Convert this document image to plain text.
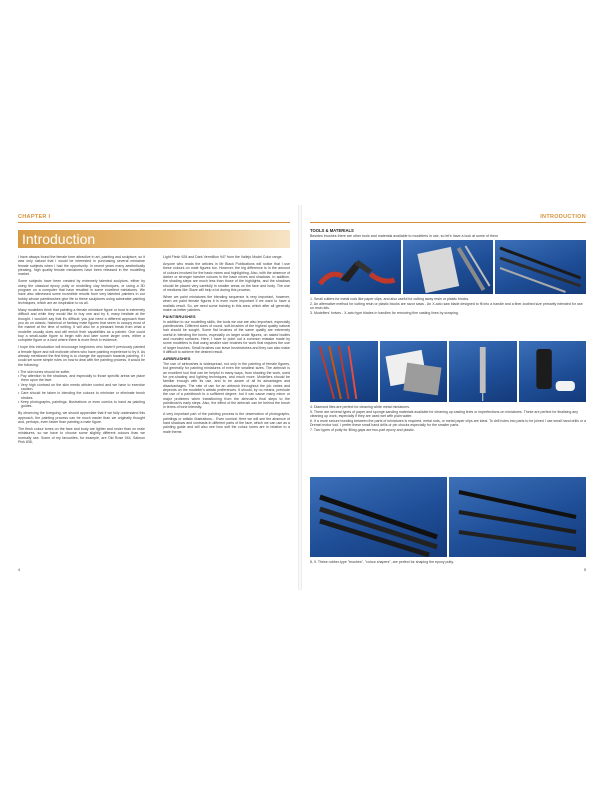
CHAPTER I
Introduction

I have always found the female form attractive in art, painting and sculpture, so it was only natural that I would be interested in purchasing several miniature female subjects when I had the opportunity. In recent years many aesthetically pleasing, high quality female miniatures have been released in the modelling market.

Some subjects have been created by extremely talented sculptors, either by using the classical epoxy putty or modelling clay techniques, or using a 3D program on a computer that have resulted in some excellent miniatures. We have also witnessed some incredible results from very talented painters in our hobby whose paintbrushes give life to these sculptures using admirable painting techniques, which are an inspiration to us all.

Many modellers think that painting a female miniature figure or bust is extremely difficult and while they would like to buy one and try it, many hesitate at the thought. I wouldn't say that it's difficult; you just need a different approach than you do on classic, historical or fantasy male figures that seem to occupy most of the market at the time of writing. It will also be a pleasant break from what a modeller usually does and will enrich their capabilities as a painter. One could buy a small-scale figure to begin with and later some larger ones, either a complete figure or a bust where there is more flesh in evidence.

I hope this introduction will encourage beginners who haven't previously painted a female figure and will motivate others who have painting experience to try it. As already mentioned the first thing is to change the approach towards painting. If I could set some simple rules on how to deal with the painting process, it would be the following:

• The skin tones should be softer.
• Pay attention to the shadows, and especially to those specific areas we place them upon the face.
• Very high contrast on the skin needs stricter control and we have to exercise caution.
• Care should be taken in blending the colours to minimize or eliminate brush strokes.
• Keep photographs, paintings, illustrations or even comics to hand as painting guides.

By observing the foregoing, we should appreciate that if we fully understand this approach, the painting process can be much easier than we originally thought and, perhaps, even faster than painting a male figure.

The flesh colour tones on the face and body are lighter and rosier than on male miniatures, so we have to choose some slightly different colours than we normally use. Some of my favourites, for example, are Old Rose 944, Salmon Pink 835,

Light Flesh 928 and Dark Vermillion 947 from the Vallejo Model Color range.

Anyone who reads the articles in Mr Black Publications will notice that I use these colours on male figures too. However, the big difference is in the amount of colours involved for the basic mixes and highlighting. Also, with the absence of darker or stronger harsher colours in the base mixes and shadows. In addition, the shading steps are much less than those of the highlights, and the shadows should be placed very carefully in smaller areas on the face and body. The use of mediums like Glaze will help a lot during this process.

When we paint miniatures the blending sequence is very important, however, when we paint female figures it is even more important if we want to have a realistic result. So, we need some training in this area, which after all generally make us better painters.

PAINTBRUSHES

In addition to our modelling skills, the tools we use are also important, especially paintbrushes. Different sizes of round, soft-brushes of the highest quality natural hair should be sought. Some flat brushes of the same quality are extremely useful in blending the tones, especially on larger scale figures, on naked bodies and rounded surfaces. Here, I have to point out a common mistake made by some modellers is that using smaller size brushes for work that requires the use of larger brushes. Small brushes can leave brushstrokes and they can also make it difficult to achieve the desired result.

AIRBRUSHES

The use of airbrushes is widespread, not only in the painting of female figures, but generally for painting miniatures of even the smallest sizes. The airbrush is an excellent tool that can be helpful in many ways, from shading the work, used for pre-shading and lighting techniques, and much more. Modellers should be familiar enough with its use, and to be aware of all its advantages and disadvantages. The rate of use for an airbrush throughout the job varies and depends on the modeller's artistic preferences. It should, by no means, preclude the use of a paintbrush to a sufficient degree, but it can cause many minor or major problems when transitioning from the airbrush's final steps to the paintbrush's early steps. Also, the effect of the airbrush can be behind the brush in terms of tone intensity.

A very important part of the painting process is the observation of photographs, paintings or artistic illustrations... Even comics! Here we will see the absence of hard shadows and contrasts in different parts of the face, which we can use as a painting guide and will also see how soft the colour tones are in relation to a male theme.

4
INTRODUCTION
TOOLS & MATERIALS
Besides brushes there are other tools and materials available to modellers in use, so let's have a look at some of them

1. Small cutters for metal rods like paper clips, and also useful for cutting away resin or plastic blocks.

2. An alternative method for cutting resin or plastic blocks are razor saws - An X-acto saw blade designed to fit into a handle and a finer-toothed size primarily intended for use on resin kits.

3. Modellers' knives - X-acto type blades in handles for removing fine casting lines by scraping.

4. Diamond files are perfect for cleaning white metal miniatures.

5. There are several types of paper and sponge sanding materials available for cleaning up casting lines or imperfections on miniatures. These are perfect for finalising any cleaning up work, especially if they are used wet with plain water.

6. If a more secure bonding between the parts of miniatures is required, metal rods, or metal paper clips are ideal. To drill holes into parts to be joined I use small hand drills or a Dremel motor tool. I prefer these small hand drills or pin chucks especially for the smaller parts.

7. Two types of putty for filling gaps are two-part epoxy and plastic.

8, 9. These rubber-type "brushes", "colour shapers", are perfect for shaping the epoxy putty.

5
